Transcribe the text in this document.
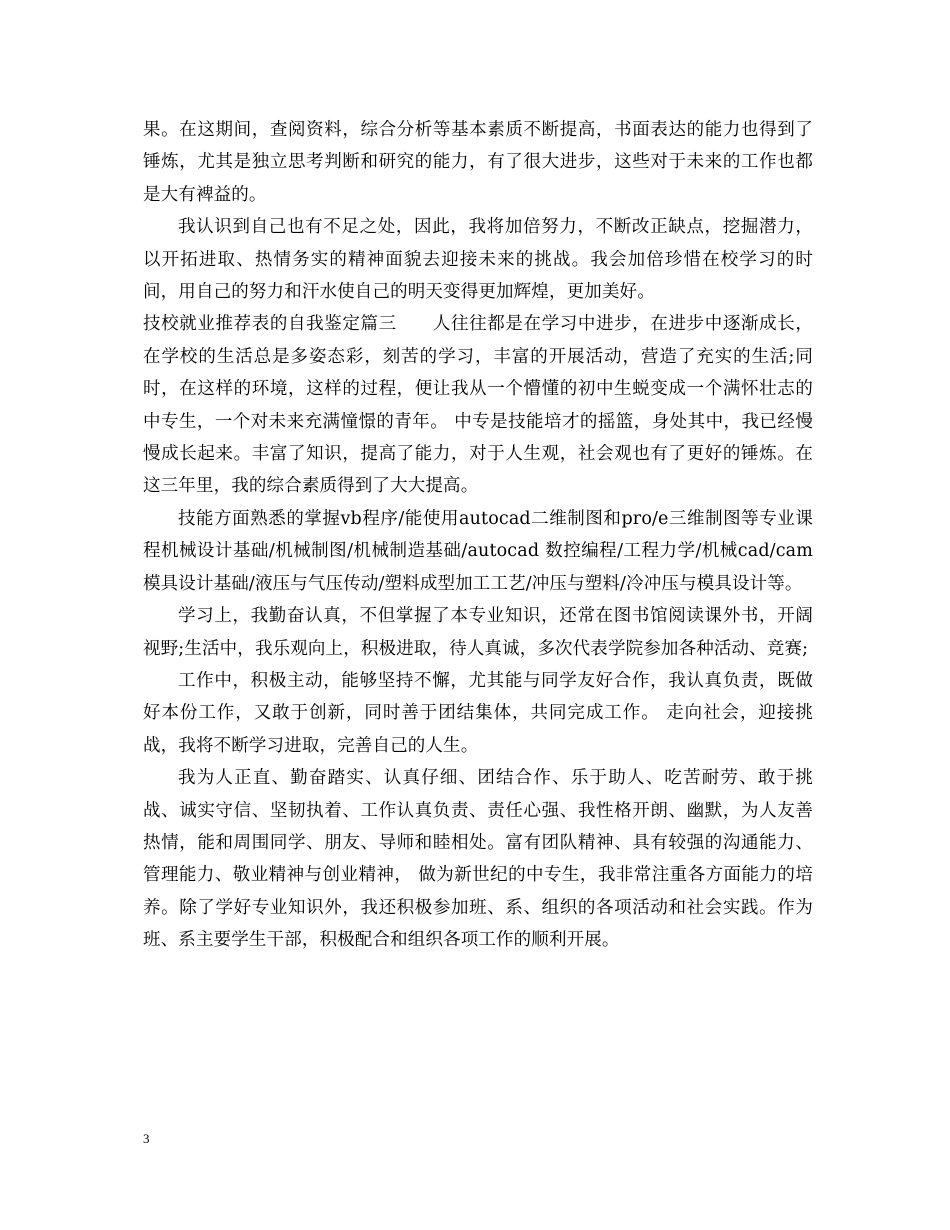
果。在这期间，查阅资料，综合分析等基本素质不断提高，书面表达的能力也得到了锤炼，尤其是独立思考判断和研究的能力，有了很大进步，这些对于未来的工作也都是大有裨益的。

我认识到自己也有不足之处，因此，我将加倍努力，不断改正缺点，挖掘潜力，以开拓进取、热情务实的精神面貌去迎接未来的挑战。我会加倍珍惜在校学习的时间，用自己的努力和汗水使自己的明天变得更加辉煌，更加美好。

技校就业推荐表的自我鉴定篇三　　人往往都是在学习中进步，在进步中逐渐成长，在学校的生活总是多姿态彩，刻苦的学习，丰富的开展活动，营造了充实的生活;同时，在这样的环境，这样的过程，便让我从一个懵懂的初中生蜕变成一个满怀壮志的中专生，一个对未来充满憧憬的青年。 中专是技能培才的摇篮，身处其中，我已经慢慢成长起来。丰富了知识，提高了能力，对于人生观，社会观也有了更好的锤炼。在这三年里，我的综合素质得到了大大提高。

技能方面熟悉的掌握vb程序/能使用autocad二维制图和pro/e三维制图等专业课程机械设计基础/机械制图/机械制造基础/autocad 数控编程/工程力学/机械cad/cam 模具设计基础/液压与气压传动/塑料成型加工工艺/冲压与塑料/冷冲压与模具设计等。

学习上，我勤奋认真，不但掌握了本专业知识，还常在图书馆阅读课外书，开阔视野;生活中，我乐观向上，积极进取，待人真诚，多次代表学院参加各种活动、竞赛;

工作中，积极主动，能够坚持不懈，尤其能与同学友好合作，我认真负责，既做好本份工作，又敢于创新，同时善于团结集体，共同完成工作。 走向社会，迎接挑战，我将不断学习进取，完善自己的人生。

我为人正直、勤奋踏实、认真仔细、团结合作、乐于助人、吃苦耐劳、敢于挑战、诚实守信、坚韧执着、工作认真负责、责任心强、我性格开朗、幽默，为人友善热情，能和周围同学、朋友、导师和睦相处。富有团队精神、具有较强的沟通能力、管理能力、敬业精神与创业精神， 做为新世纪的中专生，我非常注重各方面能力的培养。除了学好专业知识外，我还积极参加班、系、组织的各项活动和社会实践。作为班、系主要学生干部，积极配合和组织各项工作的顺利开展。

3
